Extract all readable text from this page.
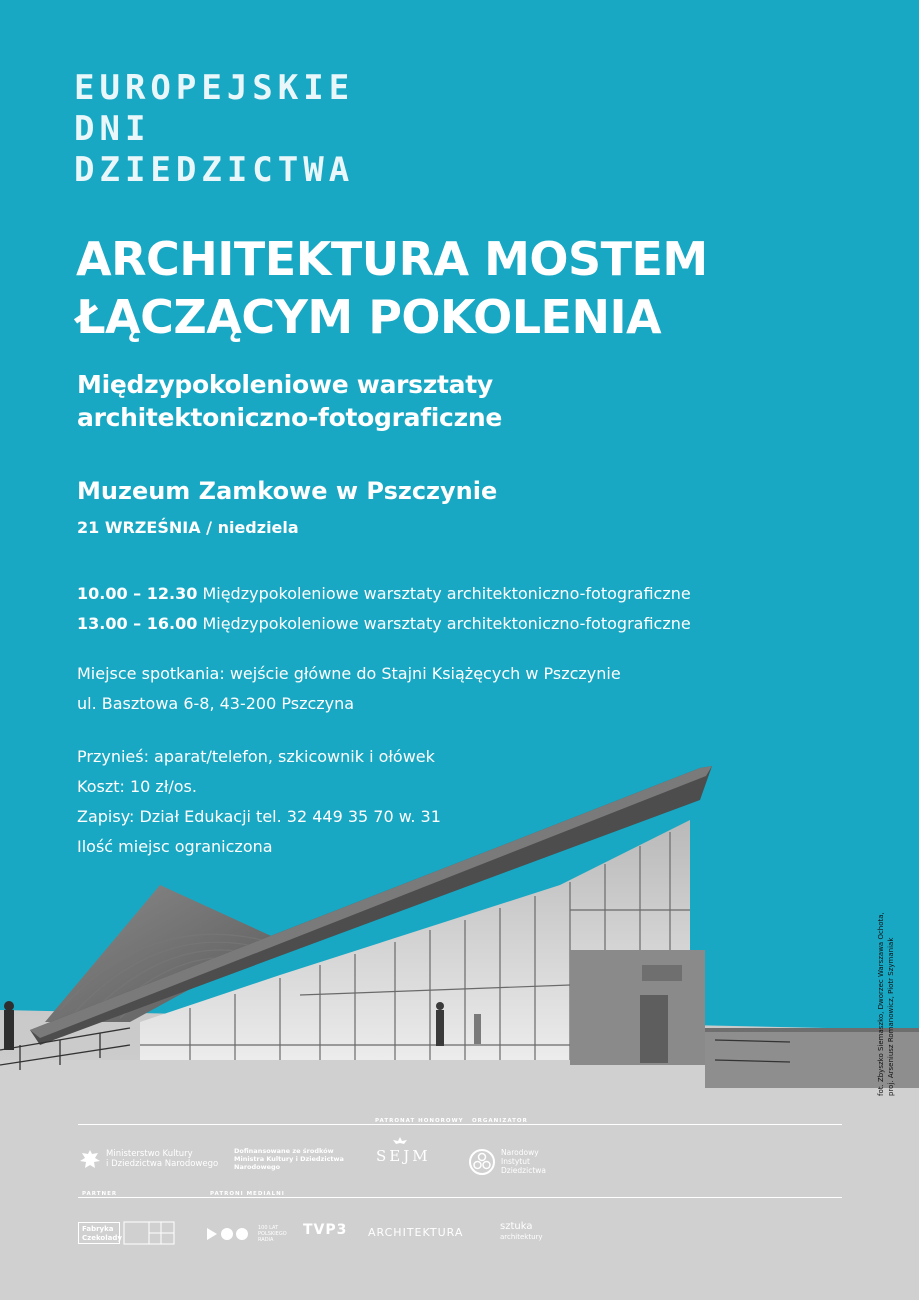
EUROPEJSKIE
DNI
DZIEDZICTWA
ARCHITEKTURA MOSTEM
ŁĄCZĄCYM POKOLENIA
Międzypokoleniowe warsztaty
architektoniczno-fotograficzne
Muzeum Zamkowe w Pszczynie
21 WRZEŚNIA / niedziela
10.00 – 12.30 Międzypokoleniowe warsztaty architektoniczno-fotograficzne
13.00 – 16.00 Międzypokoleniowe warsztaty architektoniczno-fotograficzne
Miejsce spotkania: wejście główne do Stajni Książęcych w Pszczynie
ul. Basztowa 6-8, 43-200 Pszczyna
Przynieś: aparat/telefon, szkicownik i ołówek
Koszt: 10 zł/os.
Zapisy: Dział Edukacji tel. 32 449 35 70 w. 31
Ilość miejsc ograniczona
fot. Zbyszko Siemaszko, Dworzec Warszawa Ochota, proj. Arseniusz Romanowicz, Piotr Szymaniak
PATRONAT HONOROWY	ORGANIZATOR
Ministerstwo Kultury
i Dziedzictwa Narodowego
Dofinansowane ze środków
Ministra Kultury i Dziedzictwa
Narodowego
SEJM	Narodowy
Instytut
Dziedzictwa
PARTNER	PATRONI MEDIALNI
Fabryka
Czekolady
100 LAT POLSKIEGO RADIA
TVP3 ARCHITEKTURA	sztuka
architektury
